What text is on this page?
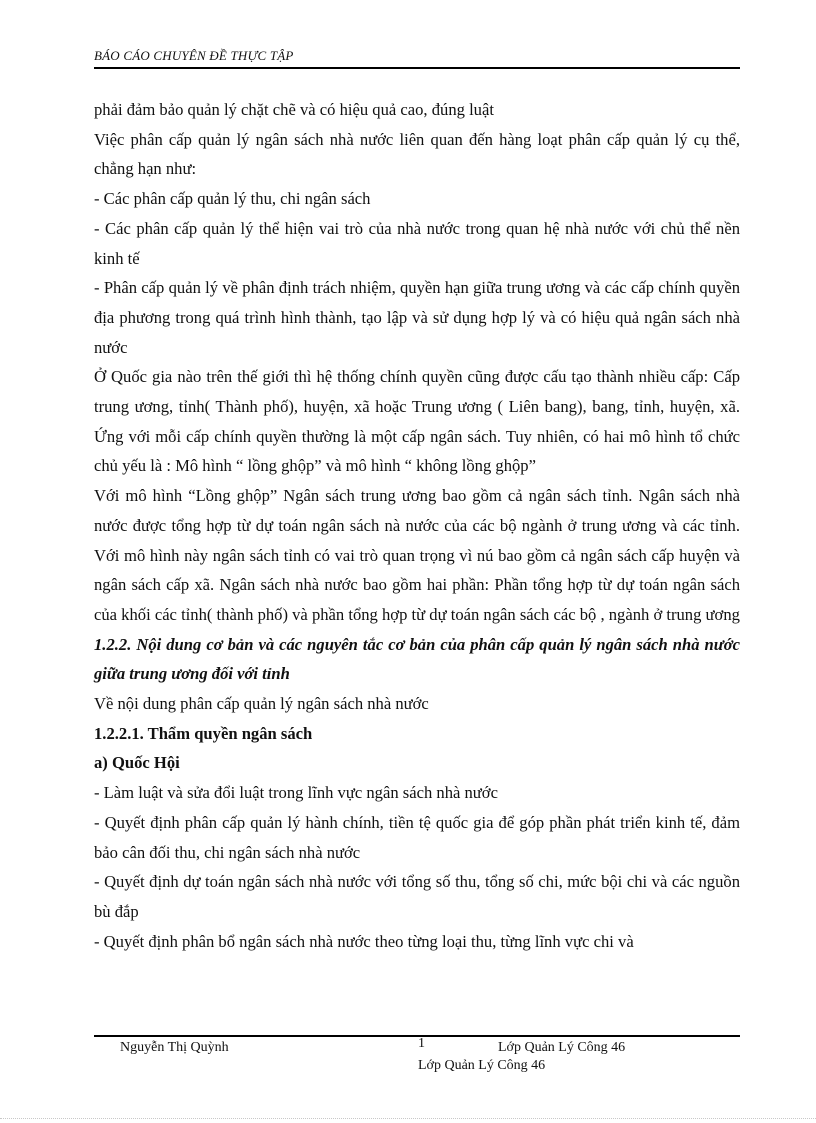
BÁO CÁO CHUYÊN ĐỀ THỰC TẬP

phải đảm bảo quản lý chặt chẽ và có hiệu quả cao, đúng luật

Việc phân cấp quản lý ngân sách nhà nước liên quan đến hàng loạt phân cấp quản lý cụ thể, chẳng hạn như:

- Các phân cấp quản lý thu, chi ngân sách

- Các phân cấp quản lý thể hiện vai trò của nhà nước trong quan hệ nhà nước với chủ thể nền kinh tế

- Phân cấp quản lý về phân định trách nhiệm, quyền hạn giữa trung ương và các cấp chính quyền địa phương trong quá trình hình thành, tạo lập và sử dụng hợp lý và có hiệu quả ngân sách nhà nước

Ở Quốc gia nào trên thế giới thì hệ thống chính quyền cũng được cấu tạo thành nhiều cấp: Cấp trung ương, tỉnh( Thành phố), huyện, xã hoặc Trung ương ( Liên bang), bang, tỉnh, huyện, xã. Ứng với mỗi cấp chính quyền thường là một cấp ngân sách. Tuy nhiên, có hai mô hình tổ chức chủ yếu là : Mô hình “ lồng ghộp” và mô hình “ không lồng ghộp”

Với mô hình “Lồng ghộp” Ngân sách trung ương bao gồm cả ngân sách tỉnh. Ngân sách nhà nước được tổng hợp từ dự toán ngân sách nà nước của các bộ ngành ở trung ương và các tỉnh. Với mô hình này ngân sách tỉnh có vai trò quan trọng vì nú bao gồm cả ngân sách cấp huyện và ngân sách cấp xã. Ngân sách nhà nước bao gồm hai phần: Phần tổng hợp từ dự toán ngân sách của khối các tỉnh( thành phố) và phần tổng hợp từ dự toán ngân sách các bộ , ngành ở trung ương

1.2.2. Nội dung cơ bản và các nguyên tắc cơ bản của phân cấp quản lý ngân sách nhà nước giữa trung ương đối với tỉnh

Về nội dung phân cấp quản lý ngân sách nhà nước

1.2.2.1. Thẩm quyền ngân sách

a) Quốc Hội

- Làm luật và sửa đổi luật trong lĩnh vực ngân sách nhà nước

- Quyết định phân cấp quản lý hành chính, tiền tệ quốc gia để góp phần phát triển kinh tế, đảm bảo cân đối thu, chi ngân sách nhà nước

- Quyết định dự toán ngân sách nhà nước với tổng số thu, tổng số chi, mức bội chi và các nguồn bù đắp

- Quyết định phân bổ ngân sách nhà nước theo từng loại thu, từng lĩnh vực chi và

Nguyễn Thị Quỳnh	1	Lớp Quản Lý Công 46
Lớp Quản Lý Công 46
